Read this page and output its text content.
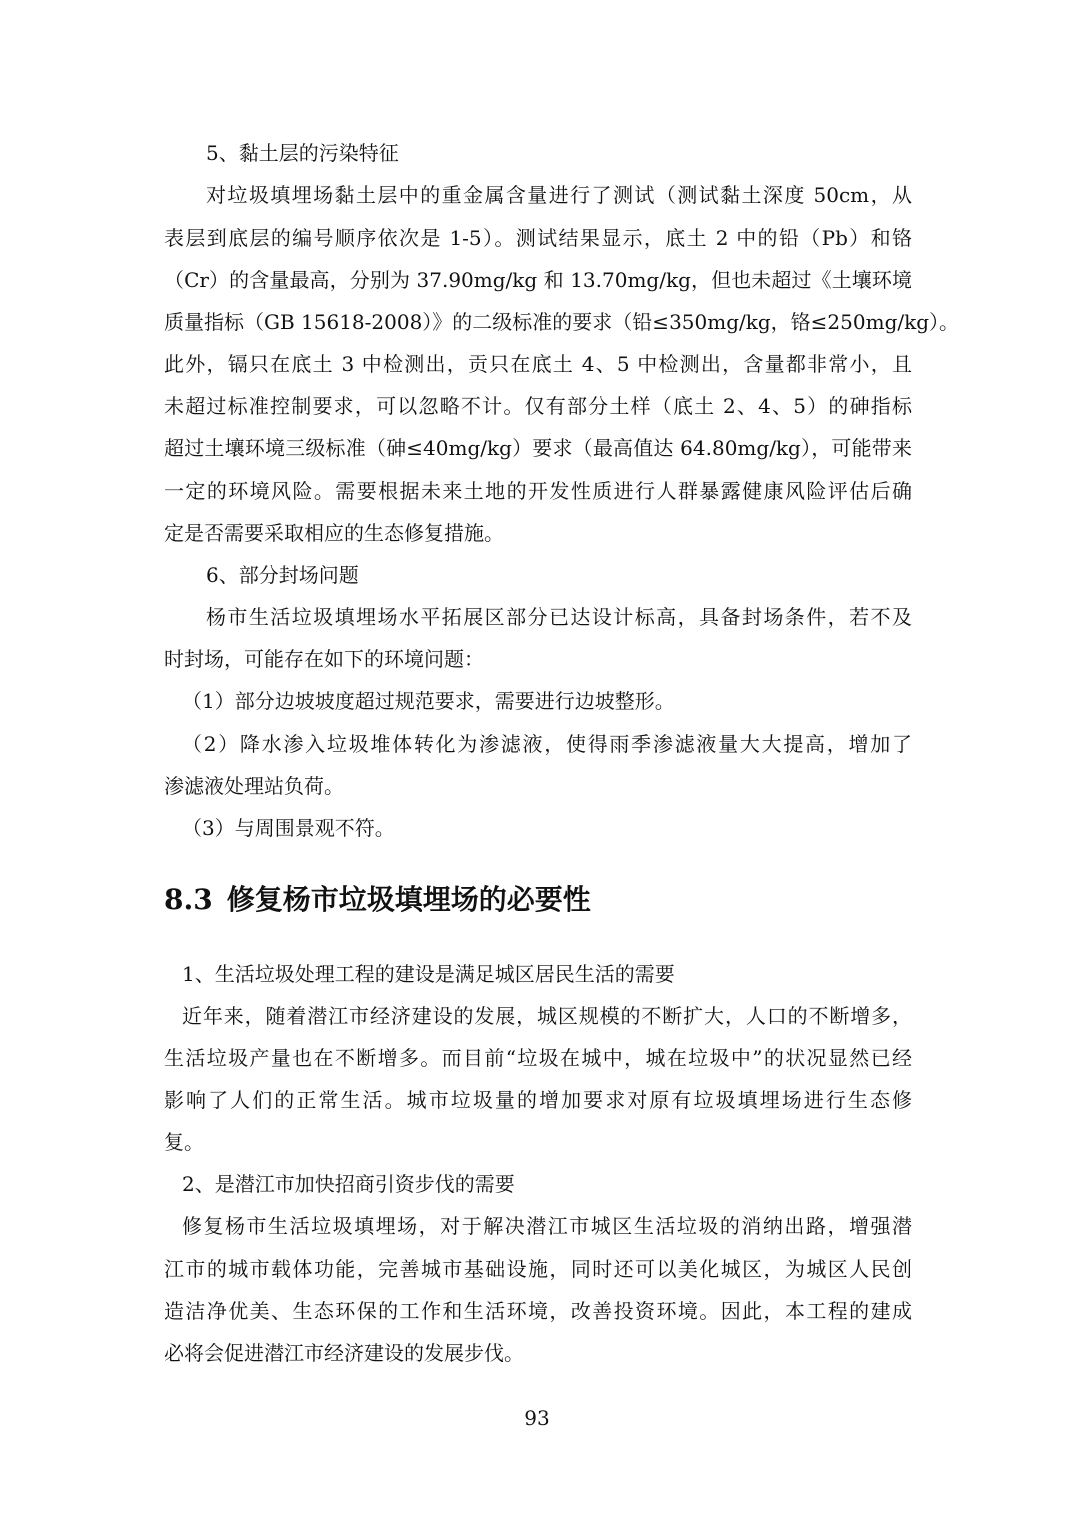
5、黏土层的污染特征
对垃圾填埋场黏土层中的重金属含量进行了测试（测试黏土深度 50cm，从
表层到底层的编号顺序依次是 1-5）。测试结果显示，底土 2 中的铅（Pb）和铬
（Cr）的含量最高，分别为 37.90mg/kg 和 13.70mg/kg，但也未超过《土壤环境
质量指标（GB 15618-2008）》的二级标准的要求（铅≤350mg/kg，铬≤250mg/kg）。
此外，镉只在底土 3 中检测出，贡只在底土 4、5 中检测出，含量都非常小，且
未超过标准控制要求，可以忽略不计。仅有部分土样（底土 2、4、5）的砷指标
超过土壤环境三级标准（砷≤40mg/kg）要求（最高值达 64.80mg/kg），可能带来
一定的环境风险。需要根据未来土地的开发性质进行人群暴露健康风险评估后确
定是否需要采取相应的生态修复措施。
6、部分封场问题
杨市生活垃圾填埋场水平拓展区部分已达设计标高，具备封场条件，若不及
时封场，可能存在如下的环境问题：
（1）部分边坡坡度超过规范要求，需要进行边坡整形。
（2）降水渗入垃圾堆体转化为渗滤液，使得雨季渗滤液量大大提高，增加了
渗滤液处理站负荷。
（3）与周围景观不符。
1、生活垃圾处理工程的建设是满足城区居民生活的需要
近年来，随着潜江市经济建设的发展，城区规模的不断扩大，人口的不断增多，
生活垃圾产量也在不断增多。而目前“垃圾在城中，城在垃圾中”的状况显然已经
影响了人们的正常生活。城市垃圾量的增加要求对原有垃圾填埋场进行生态修
复。
2、是潜江市加快招商引资步伐的需要
修复杨市生活垃圾填埋场，对于解决潜江市城区生活垃圾的消纳出路，增强潜
江市的城市载体功能，完善城市基础设施，同时还可以美化城区，为城区人民创
造洁净优美、生态环保的工作和生活环境，改善投资环境。因此，本工程的建成
必将会促进潜江市经济建设的发展步伐。
8.3 修复杨市垃圾填埋场的必要性
93
